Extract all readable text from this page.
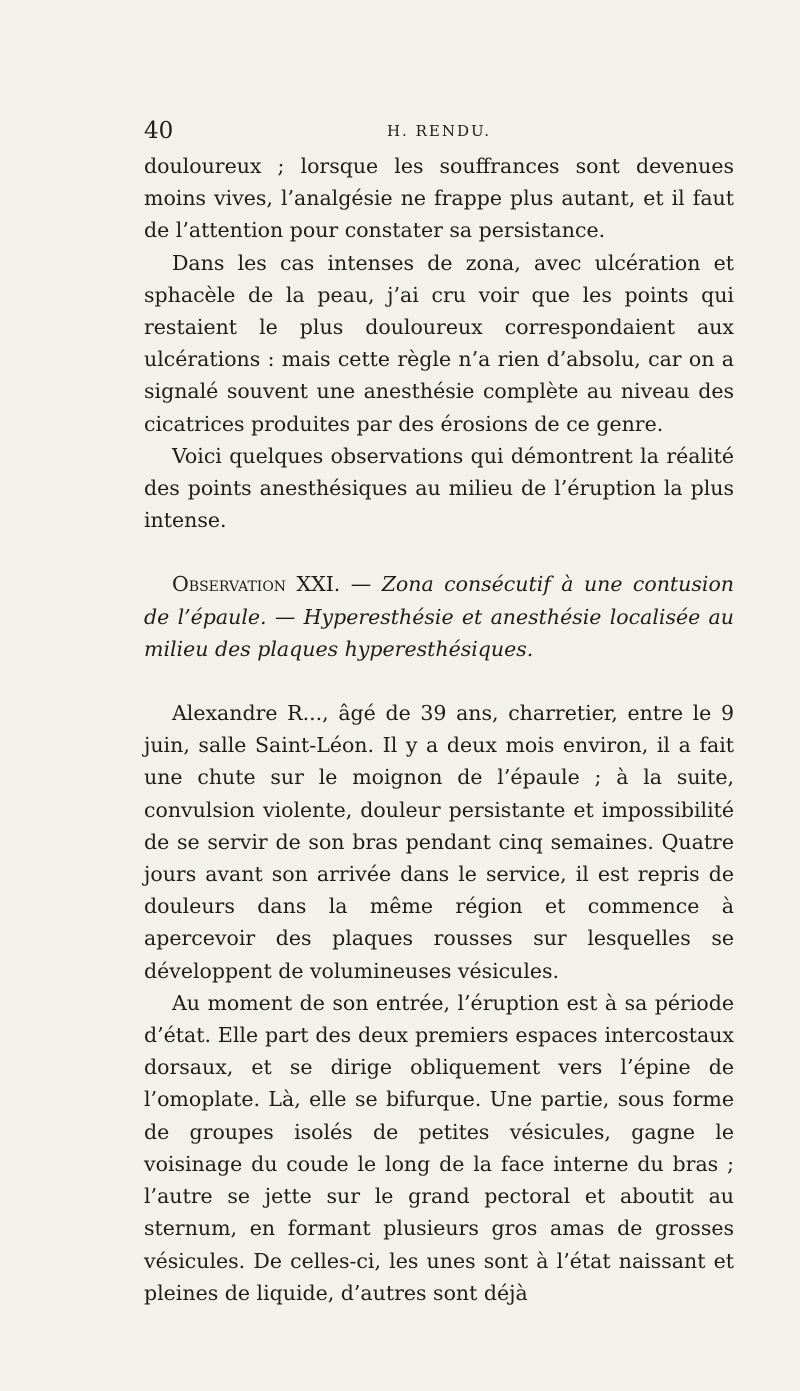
40	H. RENDU.

douloureux ; lorsque les souffrances sont devenues moins vives, l’analgésie ne frappe plus autant, et il faut de l’attention pour constater sa persistance.

Dans les cas intenses de zona, avec ulcération et sphacèle de la peau, j’ai cru voir que les points qui restaient le plus douloureux correspondaient aux ulcérations : mais cette règle n’a rien d’absolu, car on a signalé souvent une anesthésie complète au niveau des cicatrices produites par des érosions de ce genre.

Voici quelques observations qui démontrent la réalité des points anesthésiques au milieu de l’éruption la plus intense.

Observation XXI. — Zona consécutif à une contusion de l’épaule. — Hyperesthésie et anesthésie localisée au milieu des plaques hyperesthésiques.

Alexandre R..., âgé de 39 ans, charretier, entre le 9 juin, salle Saint-Léon. Il y a deux mois environ, il a fait une chute sur le moignon de l’épaule ; à la suite, convulsion violente, douleur persistante et impossibilité de se servir de son bras pendant cinq semaines. Quatre jours avant son arrivée dans le service, il est repris de douleurs dans la même région et commence à apercevoir des plaques rousses sur lesquelles se développent de volumineuses vésicules.

Au moment de son entrée, l’éruption est à sa période d’état. Elle part des deux premiers espaces intercostaux dorsaux, et se dirige obliquement vers l’épine de l’omoplate. Là, elle se bifurque. Une partie, sous forme de groupes isolés de petites vésicules, gagne le voisinage du coude le long de la face interne du bras ; l’autre se jette sur le grand pectoral et aboutit au sternum, en formant plusieurs gros amas de grosses vésicules. De celles-ci, les unes sont à l’état naissant et pleines de liquide, d’autres sont déjà
